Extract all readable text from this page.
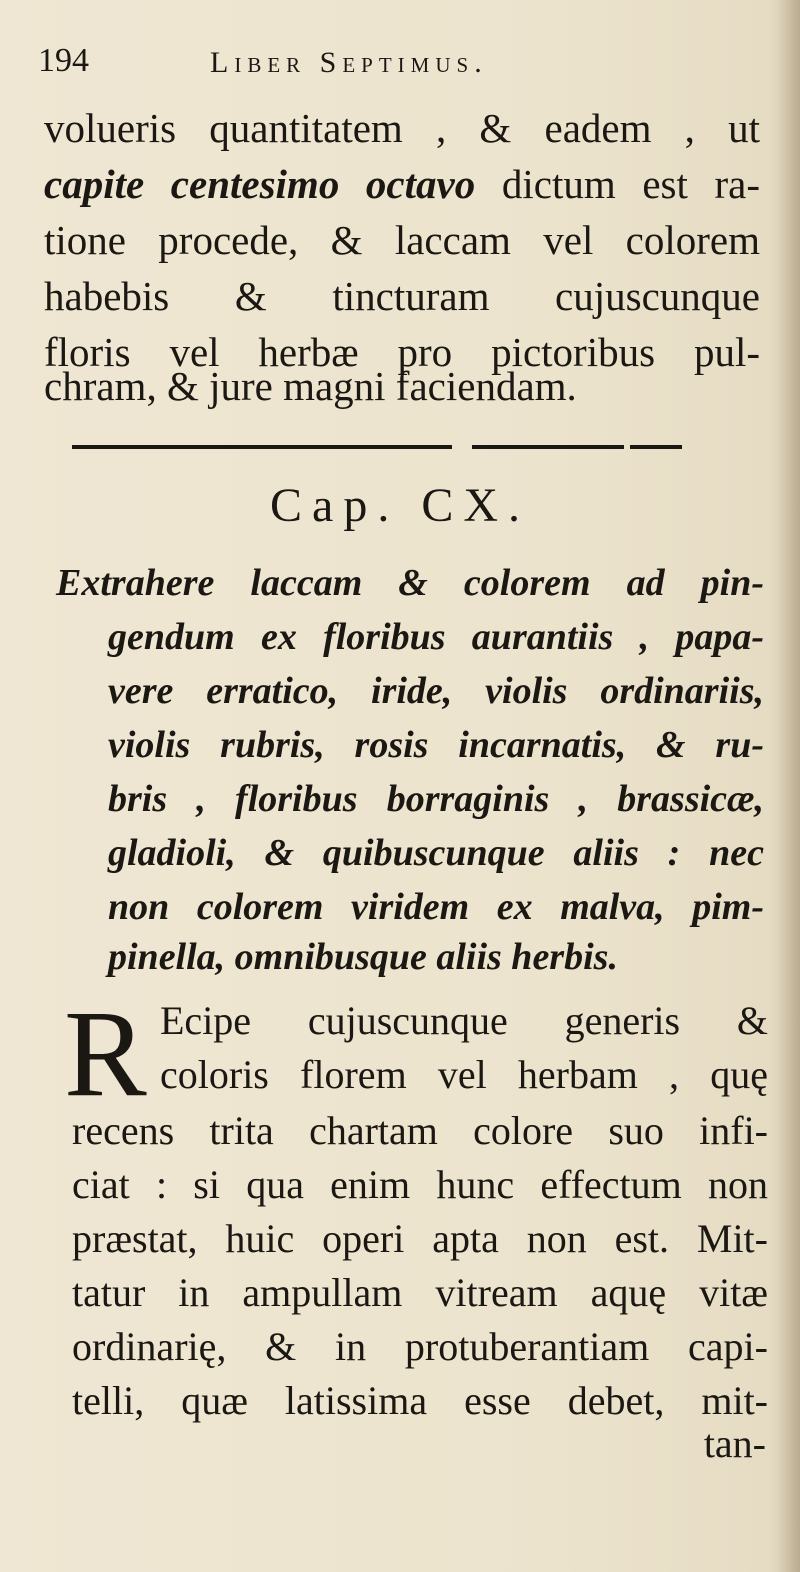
194	Liber Septimus.
volueris quantitatem , & eadem , ut
capite centesimo octavo dictum est ra-
tione procede, & laccam vel colorem
habebis & tincturam cujuscunque
floris vel herbæ pro pictoribus pul-
chram, & jure magni faciendam.
Cap. CX.
Extrahere laccam & colorem ad pin-
gendum ex floribus aurantiis , papa-
vere erratico, iride, violis ordinariis,
violis rubris, rosis incarnatis, & ru-
bris , floribus borraginis , brassicæ,
gladioli, & quibuscunque aliis : nec
non colorem viridem ex malva, pim-
pinella, omnibusque aliis herbis.
R Ecipe cujuscunque generis &
coloris florem vel herbam , quę
recens trita chartam colore suo infi-
ciat : si qua enim hunc effectum non
præstat, huic operi apta non est. Mit-
tatur in ampullam vitream aquę vitæ
ordinarię, & in protuberantiam capi-
telli, quæ latissima esse debet, mit-
tan-
